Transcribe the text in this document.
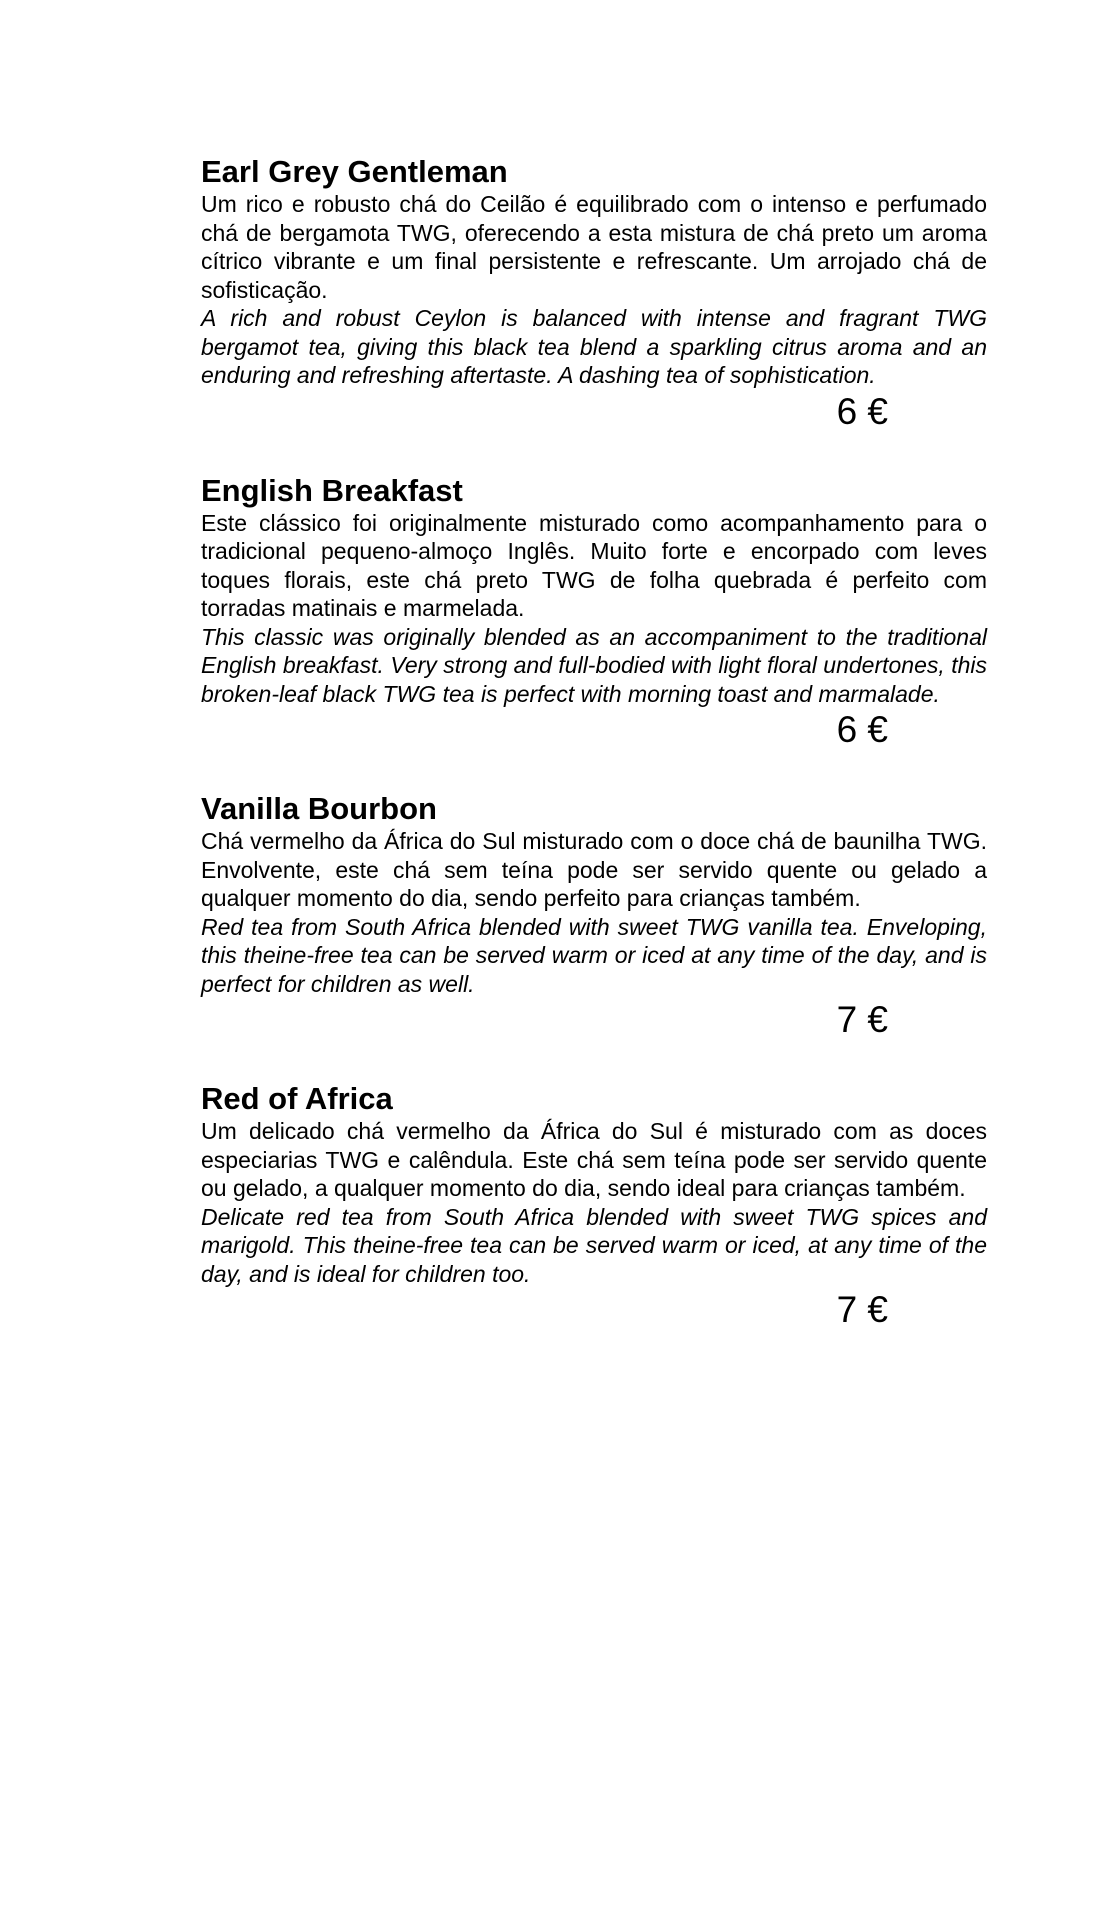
Earl Grey Gentleman

Um rico e robusto chá do Ceilão é equilibrado com o intenso e perfumado chá de bergamota TWG, oferecendo a esta mistura de chá preto um aroma cítrico vibrante e um final persistente e refrescante. Um arrojado chá de sofisticação.

A rich and robust Ceylon is balanced with intense and fragrant TWG bergamot tea, giving this black tea blend a sparkling citrus aroma and an enduring and refreshing aftertaste. A dashing tea of sophistication.

6 €

English Breakfast

Este clássico foi originalmente misturado como acompanhamento para o tradicional pequeno-almoço Inglês. Muito forte e encorpado com leves toques florais, este chá preto TWG de folha quebrada é perfeito com torradas matinais e marmelada.

This classic was originally blended as an accompaniment to the traditional English breakfast. Very strong and full-bodied with light floral undertones, this broken-leaf black TWG tea is perfect with morning toast and marmalade.

6 €

Vanilla Bourbon

Chá vermelho da África do Sul misturado com o doce chá de baunilha TWG. Envolvente, este chá sem teína pode ser servido quente ou gelado a qualquer momento do dia, sendo perfeito para crianças também.

Red tea from South Africa blended with sweet TWG vanilla tea. Enveloping, this theine-free tea can be served warm or iced at any time of the day, and is perfect for children as well.

7 €

Red of Africa

Um delicado chá vermelho da África do Sul é misturado com as doces especiarias TWG e calêndula. Este chá sem teína pode ser servido quente ou gelado, a qualquer momento do dia, sendo ideal para crianças também.

Delicate red tea from South Africa blended with sweet TWG spices and marigold. This theine-free tea can be served warm or iced, at any time of the day, and is ideal for children too.

7 €
